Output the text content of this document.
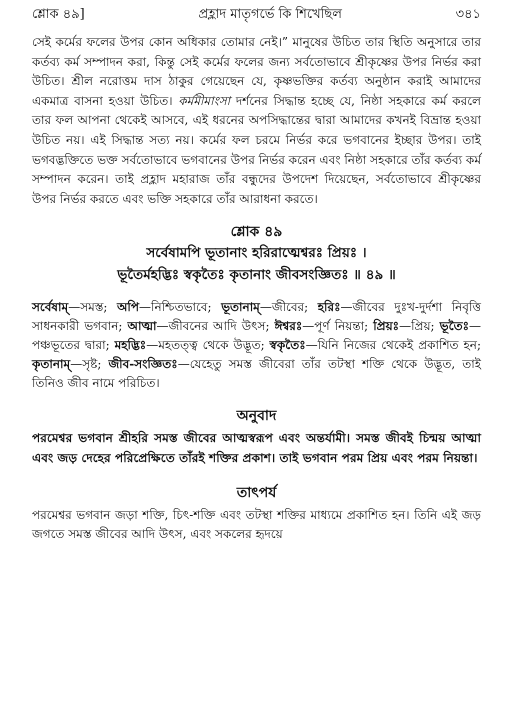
শ্লোক ৪৯]	প্রহ্লাদ মাতৃগর্ভে কি শিখেছিল	৩৪১

সেই কর্মের ফলের উপর কোন অধিকার তোমার নেই।” মানুষের উচিত তার স্থিতি অনুসারে তার কর্তব্য কর্ম সম্পাদন করা, কিন্তু সেই কর্মের ফলের জন্য সর্বতোভাবে শ্রীকৃষ্ণের উপর নির্ভর করা উচিত। শ্রীল নরোত্তম দাস ঠাকুর গেয়েছেন যে, কৃষ্ণভক্তির কর্তব্য অনুষ্ঠান করাই আমাদের একমাত্র বাসনা হওয়া উচিত। কর্মমীমাংসা দর্শনের সিদ্ধান্ত হচ্ছে যে, নিষ্ঠা সহকারে কর্ম করলে তার ফল আপনা থেকেই আসবে, এই ধরনের অপসিদ্ধান্তের দ্বারা আমাদের কখনই বিভ্রান্ত হওয়া উচিত নয়। এই সিদ্ধান্ত সত্য নয়। কর্মের ফল চরমে নির্ভর করে ভগবানের ইচ্ছার উপর। তাই ভগবদ্ভক্তিতে ভক্ত সর্বতোভাবে ভগবানের উপর নির্ভর করেন এবং নিষ্ঠা সহকারে তাঁর কর্তব্য কর্ম সম্পাদন করেন। তাই প্রহ্লাদ মহারাজ তাঁর বন্ধুদের উপদেশ দিয়েছেন, সর্বতোভাবে শ্রীকৃষ্ণের উপর নির্ভর করতে এবং ভক্তি সহকারে তাঁর আরাধনা করতে।

শ্লোক ৪৯
সর্বেষামপি ভূতানাং হরিরাত্মেশ্বরঃ প্রিয়ঃ ।
ভূতৈর্মহদ্ভিঃ স্বকৃতৈঃ কৃতানাং জীবসংজ্ঞিতঃ ॥ ৪৯ ॥

সর্বেষাম্—সমস্ত; অপি—নিশ্চিতভাবে; ভূতানাম্—জীবের; হরিঃ—জীবের দুঃখ-দুর্দশা নিবৃত্তি সাধনকারী ভগবান; আত্মা—জীবনের আদি উৎস; ঈশ্বরঃ—পূর্ণ নিয়ন্তা; প্রিয়ঃ—প্রিয়; ভূতৈঃ—পঞ্চভূতের দ্বারা; মহদ্ভিঃ—মহতত্ত্ব থেকে উদ্ভূত; স্বকৃতৈঃ—যিনি নিজের থেকেই প্রকাশিত হন; কৃতানাম্—সৃষ্ট; জীব-সংজ্ঞিতঃ—যেহেতু সমস্ত জীবেরা তাঁর তটস্থা শক্তি থেকে উদ্ভূত, তাই তিনিও জীব নামে পরিচিত।

অনুবাদ

পরমেশ্বর ভগবান শ্রীহরি সমস্ত জীবের আত্মস্বরূপ এবং অন্তর্যামী। সমস্ত জীবই চিন্ময় আত্মা এবং জড় দেহের পরিপ্রেক্ষিতে তাঁরই শক্তির প্রকাশ। তাই ভগবান পরম প্রিয় এবং পরম নিয়ন্তা।

তাৎপর্য

পরমেশ্বর ভগবান জড়া শক্তি, চিৎ-শক্তি এবং তটস্থা শক্তির মাধ্যমে প্রকাশিত হন। তিনি এই জড় জগতে সমস্ত জীবের আদি উৎস, এবং সকলের হৃদয়ে
